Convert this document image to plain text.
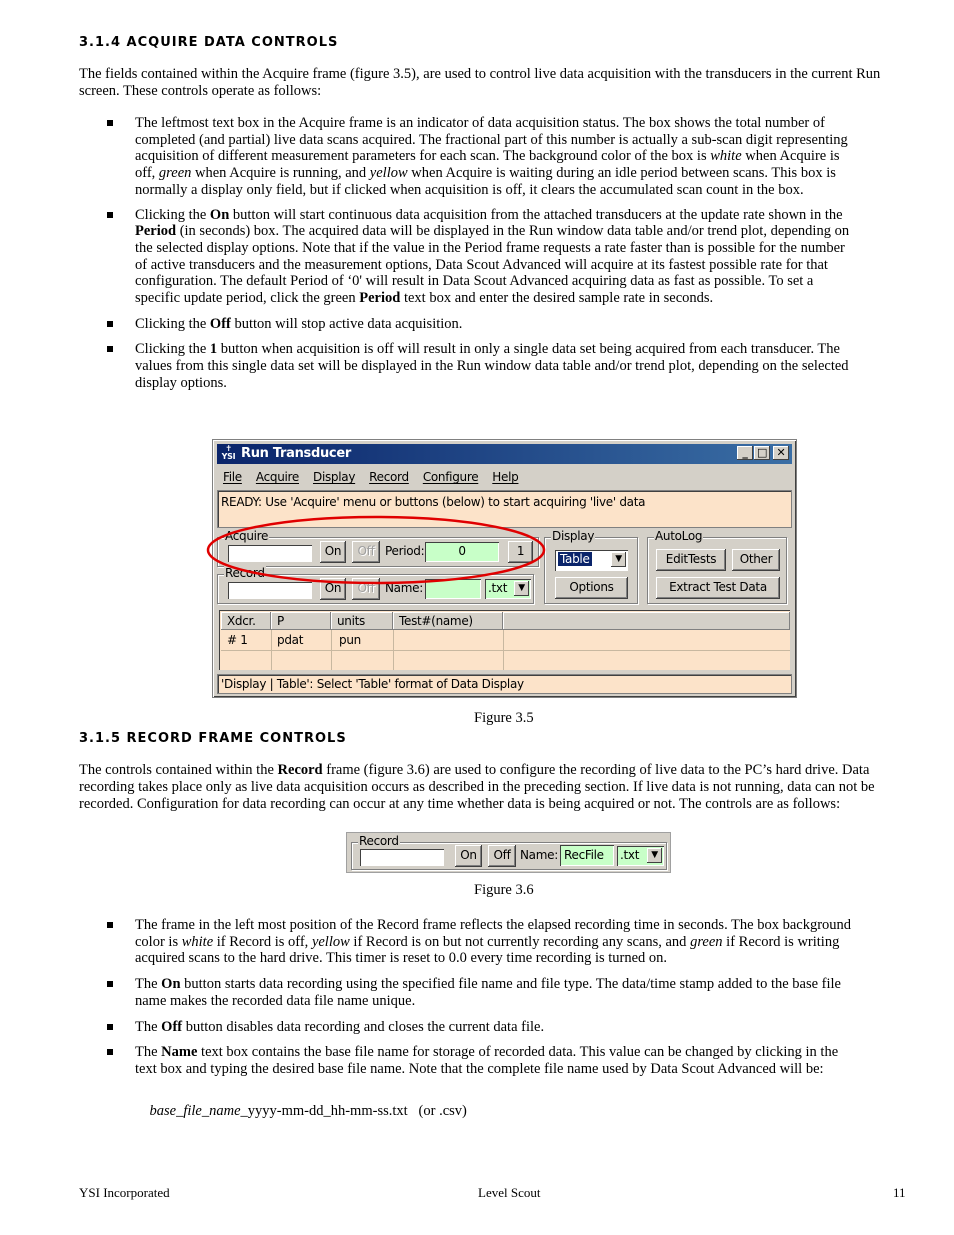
3.1.4 ACQUIRE DATA CONTROLS

The fields contained within the Acquire frame (figure 3.5), are used to control live data acquisition with the transducers in the current Run screen. These controls operate as follows:

The leftmost text box in the Acquire frame is an indicator of data acquisition status. The box shows the total number of completed (and partial) live data scans acquired. The fractional part of this number is actually a sub-scan digit representing acquisition of different measurement parameters for each scan. The background color of the box is white when Acquire is off, green when Acquire is running, and yellow when Acquire is waiting during an idle period between scans. This box is normally a display only field, but if clicked when acquisition is off, it clears the accumulated scan count in the box.
Clicking the On button will start continuous data acquisition from the attached transducers at the update rate shown in the Period (in seconds) box. The acquired data will be displayed in the Run window data table and/or trend plot, depending on the selected display options. Note that if the value in the Period frame requests a rate faster than is possible for the number of active transducers and the measurement options, Data Scout Advanced will acquire at its fastest possible rate for that configuration. The default Period of ‘0' will result in Data Scout Advanced acquiring data as fast as possible. To set a specific update period, click the green Period text box and enter the desired sample rate in seconds.
Clicking the Off button will stop active data acquisition.
Clicking the 1 button when acquisition is off will result in only a single data set being acquired from each transducer. The values from this single data set will be displayed in the Run window data table and/or trend plot, depending on the selected display options.
✝
YSI Run Transducer	_ □ ✕
File Acquire Display Record Configure Help
READY: Use 'Acquire' menu or buttons (below) to start acquiring 'live' data
Acquire
On	Off Period:	0	1
Record
On	Off Name:	.txt	▼
Display
Table	▼
Options
AutoLog
EditTests	Other
Extract Test Data
Xdcr. P	units	Test#(name)
# 1 pdat	pun
'Display | Table': Select 'Table' format of Data Display
Figure 3.5
3.1.5 RECORD FRAME CONTROLS

The controls contained within the Record frame (figure 3.6) are used to configure the recording of live data to the PC’s hard drive. Data recording takes place only as live data acquisition occurs as described in the preceding section. If live data is not running, data can not be recorded. Configuration for data recording can occur at any time whether data is being acquired or not. The controls are as follows:

Record
On	Off Name: RecFile	.txt	▼
Figure 3.6
The frame in the left most position of the Record frame reflects the elapsed recording time in seconds. The box background color is white if Record is off, yellow if Record is on but not currently recording any scans, and green if Record is writing acquired scans to the hard drive. This timer is reset to 0.0 every time recording is turned on.
The On button starts data recording using the specified file name and file type. The data/time stamp added to the base file name makes the recorded data file name unique.
The Off button disables data recording and closes the current data file.
The Name text box contains the base file name for storage of recorded data. This value can be changed by clicking in the text box and typing the desired base file name. Note that the complete file name used by Data Scout Advanced will be:

base_file_name_yyyy-mm-dd_hh-mm-ss.txt   (or .csv)

YSI Incorporated	Level Scout	11
